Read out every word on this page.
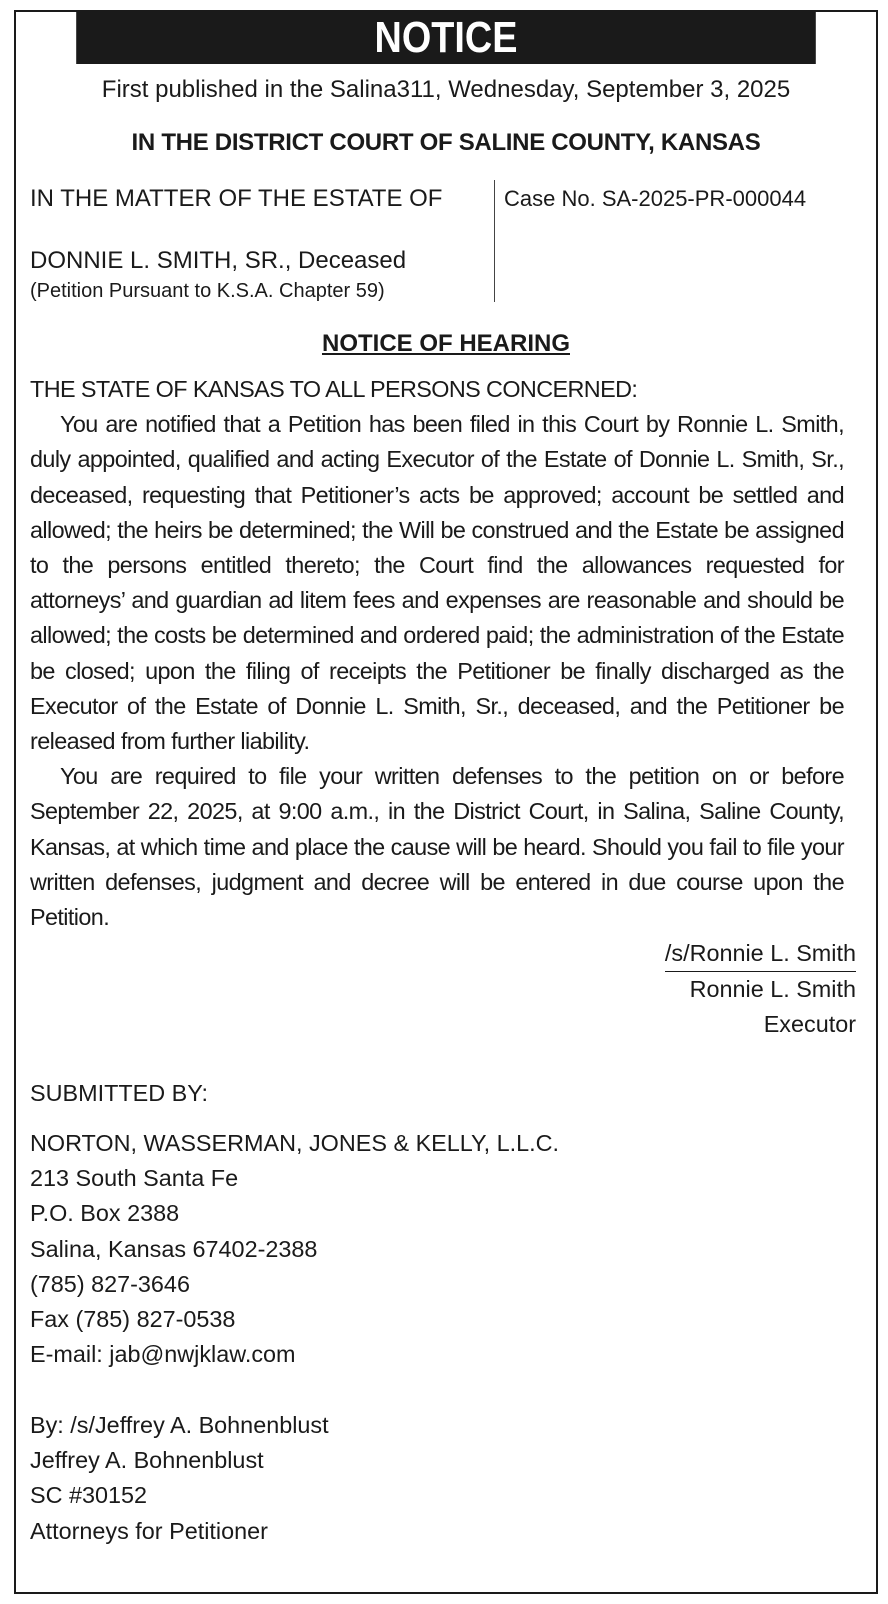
NOTICE
First published in the Salina311, Wednesday, September 3, 2025
IN THE DISTRICT COURT OF SALINE COUNTY, KANSAS
IN THE MATTER OF THE ESTATE OF
DONNIE L. SMITH, SR., Deceased
(Petition Pursuant to K.S.A. Chapter 59)
Case No. SA-2025-PR-000044
NOTICE OF HEARING

THE STATE OF KANSAS TO ALL PERSONS CONCERNED:

You are notified that a Petition has been filed in this Court by Ronnie L. Smith, duly appointed, qualified and acting Executor of the Estate of Donnie L. Smith, Sr., deceased, requesting that Petitioner’s acts be approved; account be settled and allowed; the heirs be determined; the Will be construed and the Estate be assigned to the persons entitled thereto; the Court find the allowances requested for attorneys’ and guardian ad litem fees and expenses are reasonable and should be allowed; the costs be determined and ordered paid; the administration of the Estate be closed; upon the filing of receipts the Petitioner be finally discharged as the Executor of the Estate of Donnie L. Smith, Sr., deceased, and the Petitioner be released from further liability.

You are required to file your written defenses to the petition on or before September 22, 2025, at 9:00 a.m., in the District Court, in Salina, Saline County, Kansas, at which time and place the cause will be heard. Should you fail to file your written defenses, judgment and decree will be entered in due course upon the Petition.

/s/Ronnie L. Smith
Ronnie L. Smith
Executor
SUBMITTED BY:
NORTON, WASSERMAN, JONES & KELLY, L.L.C.
213 South Santa Fe
P.O. Box 2388
Salina, Kansas 67402-2388
(785) 827-3646
Fax (785) 827-0538
E-mail: jab@nwjklaw.com
By: /s/Jeffrey A. Bohnenblust
Jeffrey A. Bohnenblust
SC #30152
Attorneys for Petitioner
